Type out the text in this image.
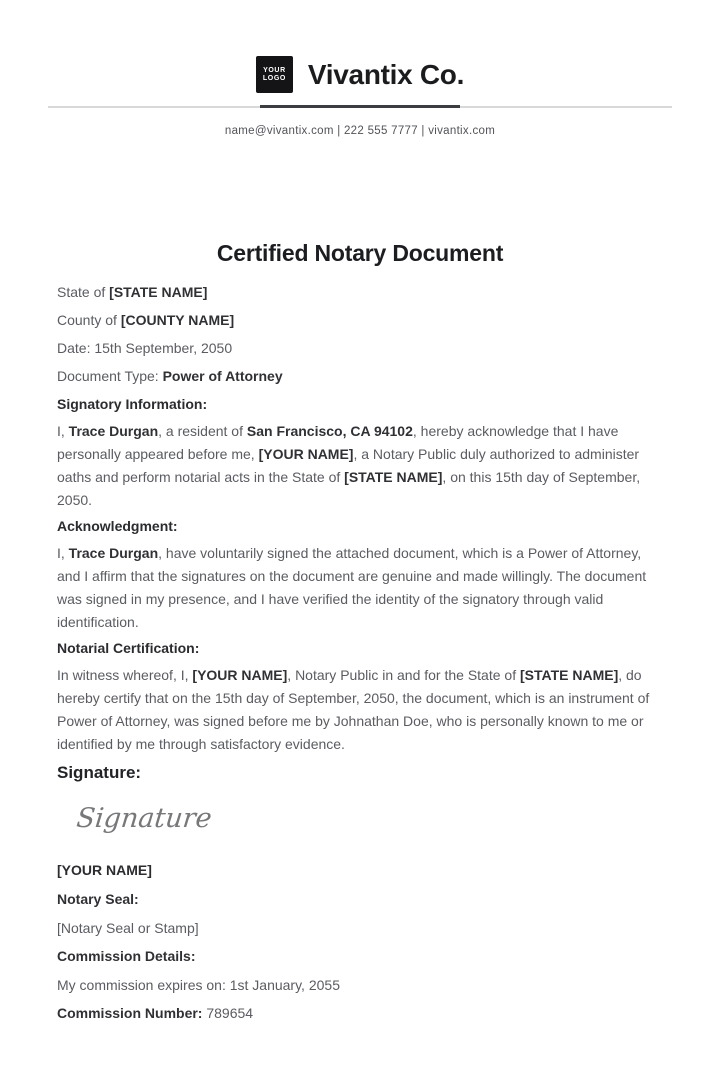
YOUR
LOGO Vivantix Co.
name@vivantix.com | 222 555 7777 | vivantix.com
Certified Notary Document
State of [STATE NAME]
County of [COUNTY NAME]
Date: 15th September, 2050
Document Type: Power of Attorney
Signatory Information:

I, Trace Durgan, a resident of San Francisco, CA 94102, hereby acknowledge that I have personally appeared before me, [YOUR NAME], a Notary Public duly authorized to administer oaths and perform notarial acts in the State of [STATE NAME], on this 15th day of September, 2050.

Acknowledgment:

I, Trace Durgan, have voluntarily signed the attached document, which is a Power of Attorney, and I affirm that the signatures on the document are genuine and made willingly. The document was signed in my presence, and I have verified the identity of the signatory through valid identification.

Notarial Certification:

In witness whereof, I, [YOUR NAME], Notary Public in and for the State of [STATE NAME], do hereby certify that on the 15th day of September, 2050, the document, which is an instrument of Power of Attorney, was signed before me by Johnathan Doe, who is personally known to me or identified by me through satisfactory evidence.

Signature:
Signature
[YOUR NAME]
Notary Seal:
[Notary Seal or Stamp]
Commission Details:
My commission expires on: 1st January, 2055
Commission Number: 789654
